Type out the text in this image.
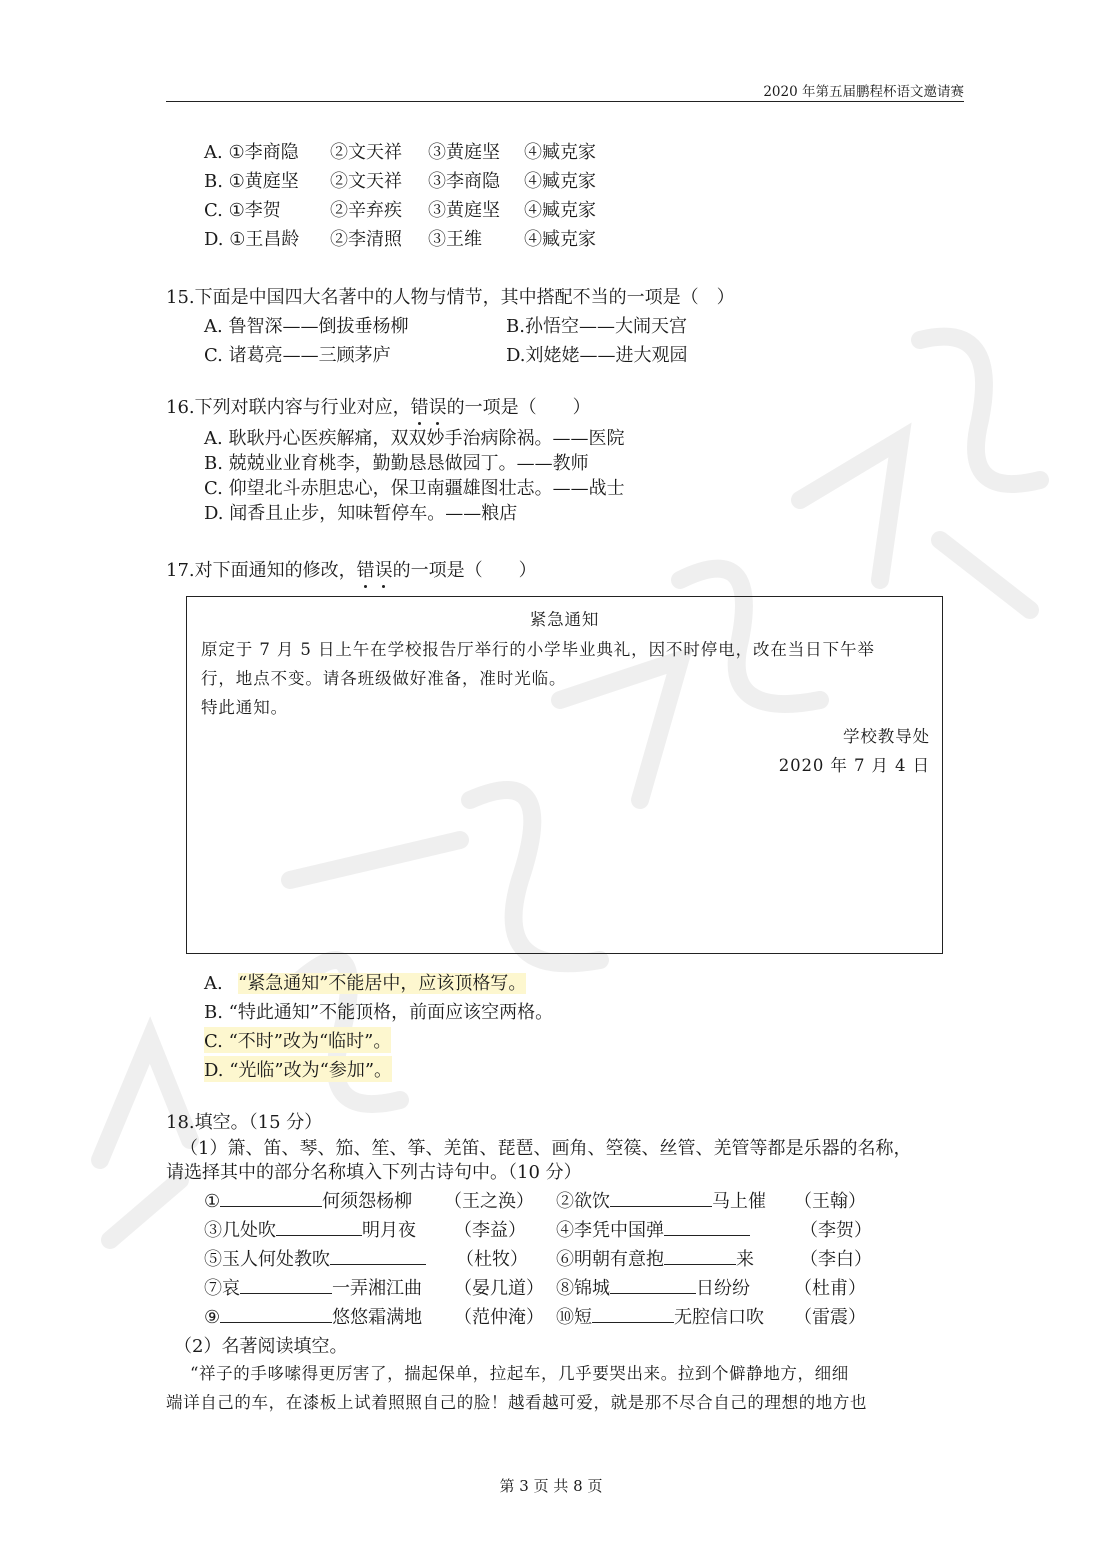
2020 年第五届鹏程杯语文邀请赛
A. ①李商隐 ②文天祥 ③黄庭坚 ④臧克家
B. ①黄庭坚 ②文天祥 ③李商隐 ④臧克家
C. ①李贺	②辛弃疾 ③黄庭坚 ④臧克家
D. ①王昌龄 ②李清照 ③王维 ④臧克家
15.下面是中国四大名著中的人物与情节，其中搭配不当的一项是（　）
A. 鲁智深——倒拔垂杨柳	B.孙悟空——大闹天宫
C. 诸葛亮——三顾茅庐	D.刘姥姥——进大观园
16.下列对联内容与行业对应，错误的一项是（　　）
A. 耿耿丹心医疾解痛，双双妙手治病除祸。——医院
B. 兢兢业业育桃李，勤勤恳恳做园丁。——教师
C. 仰望北斗赤胆忠心，保卫南疆雄图壮志。——战士
D. 闻香且止步，知味暂停车。——粮店
17.对下面通知的修改，错误的一项是（　　）
紧急通知
原定于 7 月 5 日上午在学校报告厅举行的小学毕业典礼，因不时停电，改在当日下午举
行，地点不变。请各班级做好准备，准时光临。
特此通知。
学校教导处
2020 年 7 月 4 日
A. “紧急通知”不能居中，应该顶格写。
B. “特此通知”不能顶格，前面应该空两格。
C. “不时”改为“临时”。
D. “光临”改为“参加”。
18.填空。（15 分）
（1）箫、笛、琴、笳、笙、筝、羌笛、琵琶、画角、箜篌、丝管、羌管等都是乐器的名称，
请选择其中的部分名称填入下列古诗句中。（10 分）
①	何须怨杨柳 （王之涣） ②欲饮	马上催 （王翰）
③几处吹	明月夜 （李益） ④李凭中国弹	（李贺）
⑤玉人何处教吹	（杜牧） ⑥明朝有意抱	来	（李白）
⑦哀	一弄湘江曲 （晏几道） ⑧锦城	日纷纷 （杜甫）
⑨	悠悠霜满地 （范仲淹） ⑩短	无腔信口吹 （雷震）
（2）名著阅读填空。
“祥子的手哆嗦得更厉害了，揣起保单，拉起车，几乎要哭出来。拉到个僻静地方，细细
端详自己的车，在漆板上试着照照自己的脸！越看越可爱，就是那不尽合自己的理想的地方也
第 3 页 共 8 页
